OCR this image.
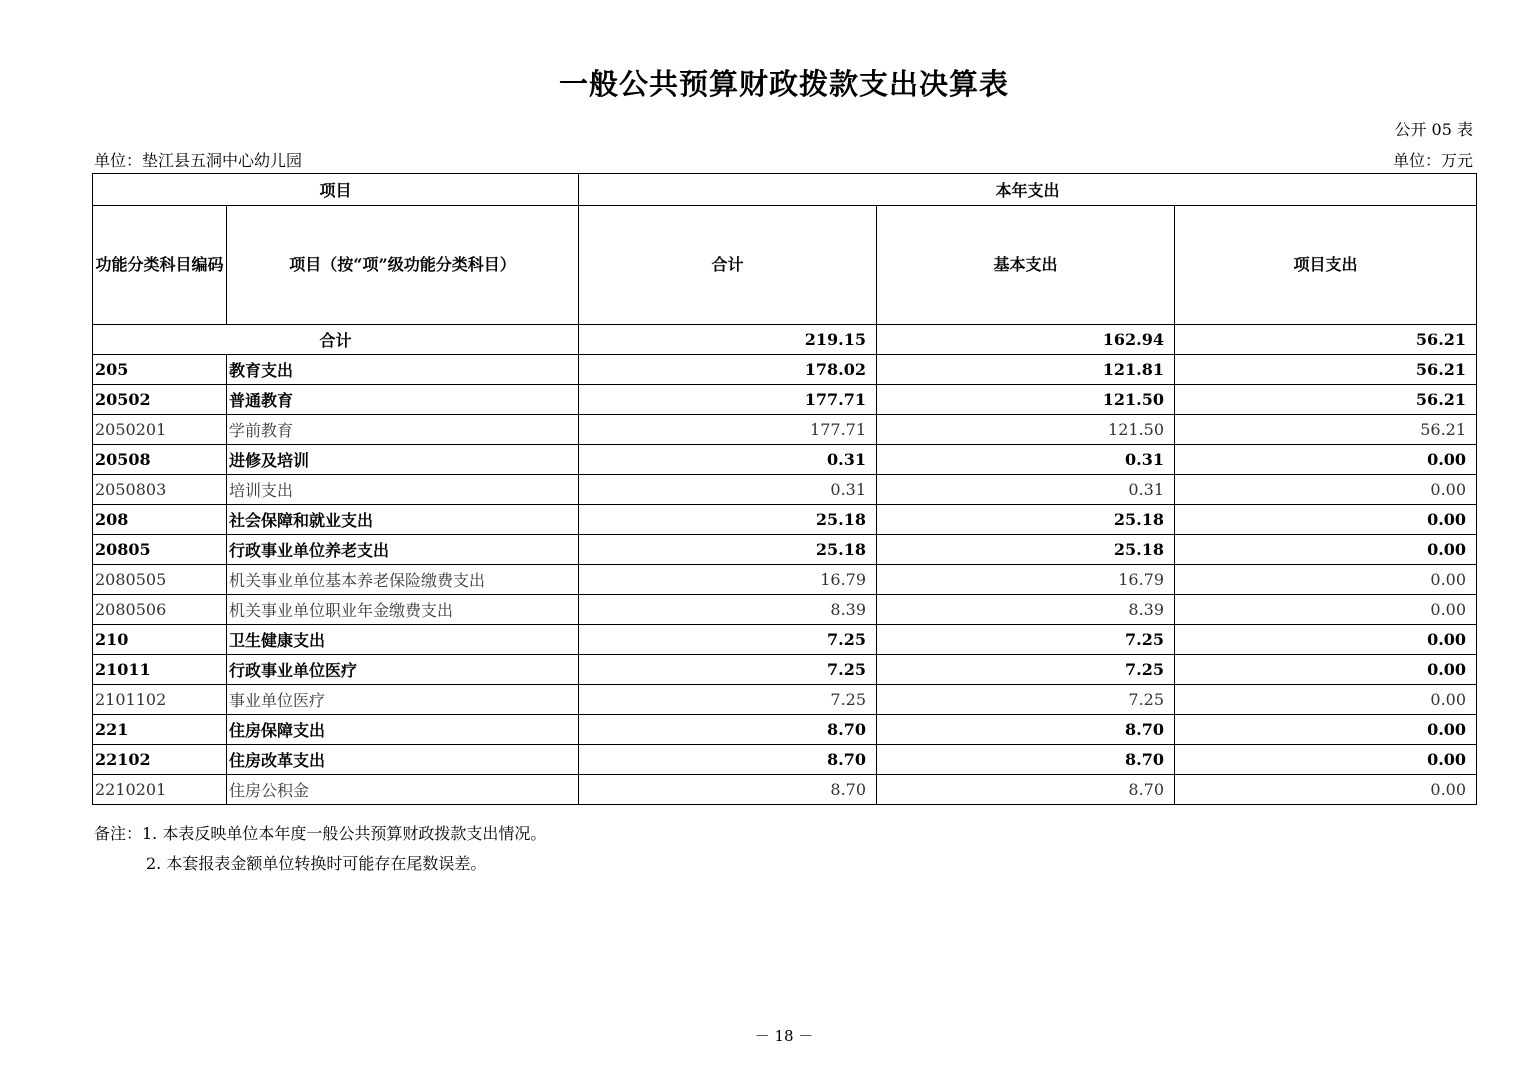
一般公共预算财政拨款支出决算表
公开 05 表
单位：垫江县五洞中心幼儿园	单位：万元
项目		本年支出		
功能分类科目编码	项目（按“项”级功能分类科目）	合计	基本支出	项目支出
合计		219.15	162.94	56.21
205	教育支出	178.02	121.81	56.21
20502	普通教育	177.71	121.50	56.21
2050201	学前教育	177.71	121.50	56.21
20508	进修及培训	0.31	0.31	0.00
2050803	培训支出	0.31	0.31	0.00
208	社会保障和就业支出	25.18	25.18	0.00
20805	行政事业单位养老支出	25.18	25.18	0.00
2080505	机关事业单位基本养老保险缴费支出	16.79	16.79	0.00
2080506	机关事业单位职业年金缴费支出	8.39	8.39	0.00
210	卫生健康支出	7.25	7.25	0.00
21011	行政事业单位医疗	7.25	7.25	0.00
2101102	事业单位医疗	7.25	7.25	0.00
221	住房保障支出	8.70	8.70	0.00
22102	住房改革支出	8.70	8.70	0.00
2210201	住房公积金	8.70	8.70	0.00
备注：1. 本表反映单位本年度一般公共预算财政拨款支出情况。
2. 本套报表金额单位转换时可能存在尾数误差。
－ 18 －
